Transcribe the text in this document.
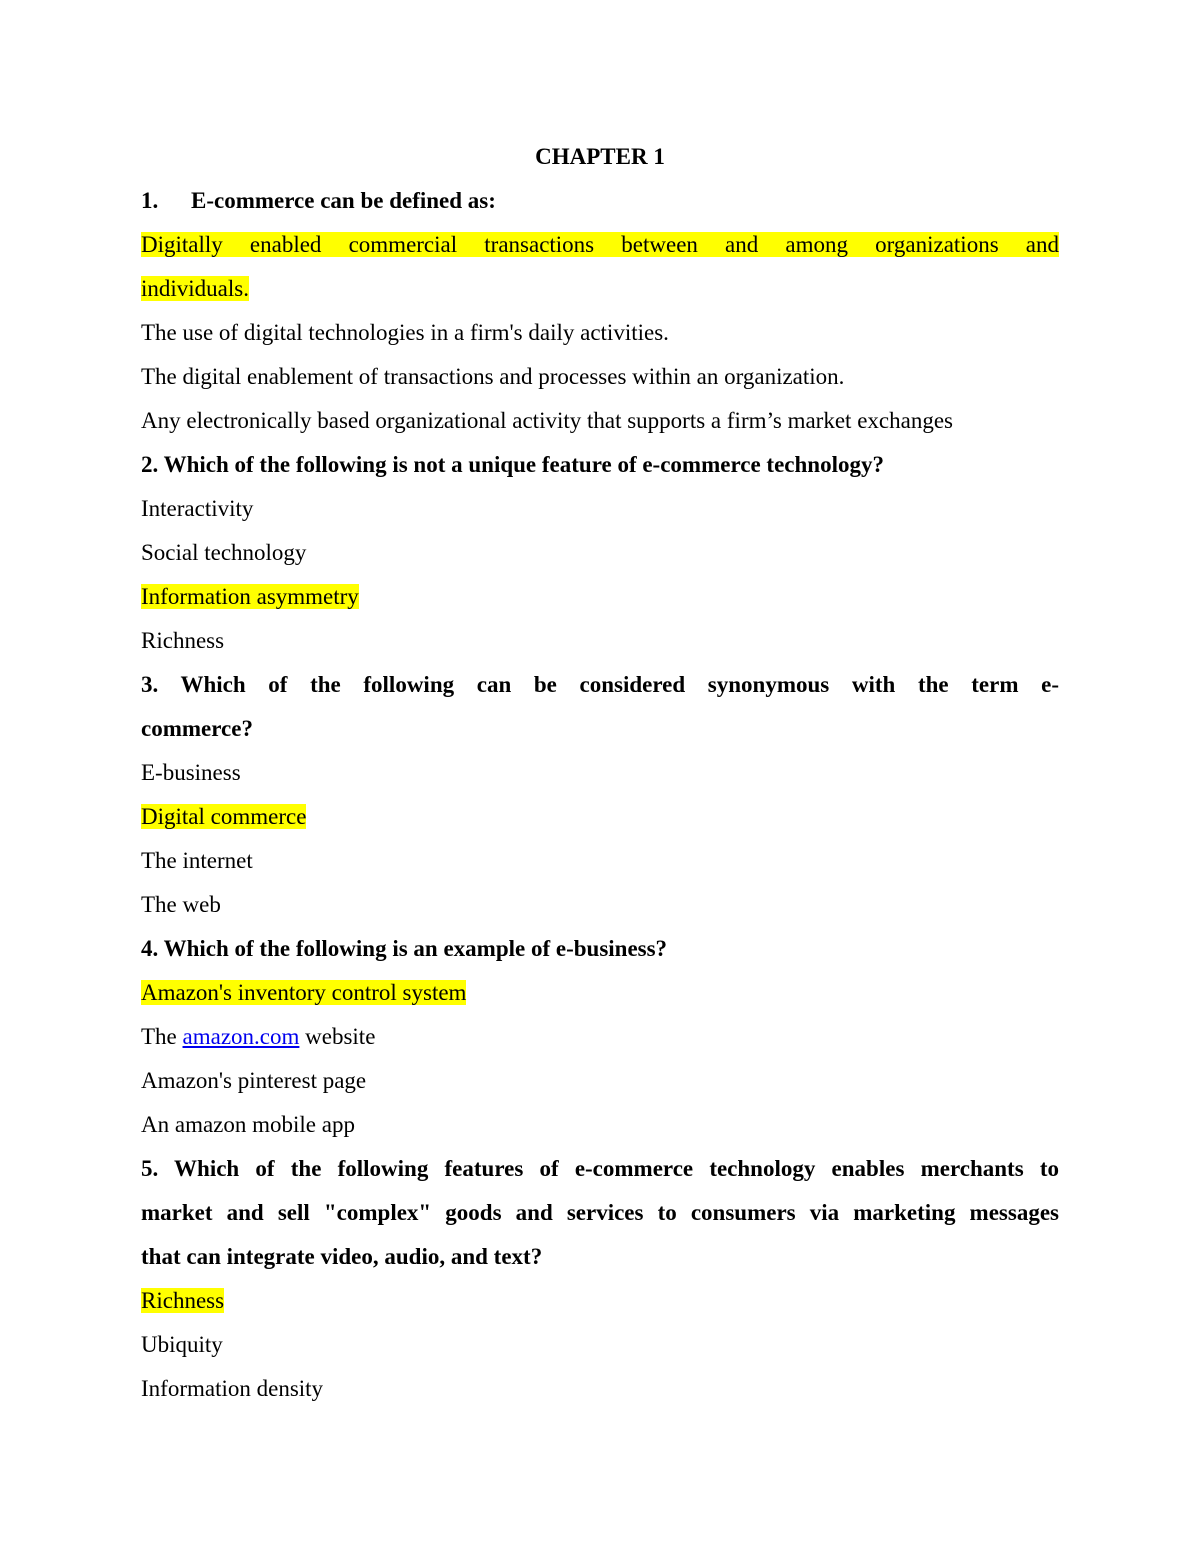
CHAPTER 1
1. E-commerce can be defined as:
Digitally enabled commercial transactions between and among organizations and
individuals.
The use of digital technologies in a firm's daily activities.
The digital enablement of transactions and processes within an organization.
Any electronically based organizational activity that supports a firm’s market exchanges
2. Which of the following is not a unique feature of e-commerce technology?
Interactivity
Social technology
Information asymmetry
Richness
3. Which of the following can be considered synonymous with the term e-
commerce?
E-business
Digital commerce
The internet
The web
4. Which of the following is an example of e-business?
Amazon's inventory control system
The amazon.com website
Amazon's pinterest page
An amazon mobile app
5. Which of the following features of e-commerce technology enables merchants to
market and sell "complex" goods and services to consumers via marketing messages
that can integrate video, audio, and text?
Richness
Ubiquity
Information density
